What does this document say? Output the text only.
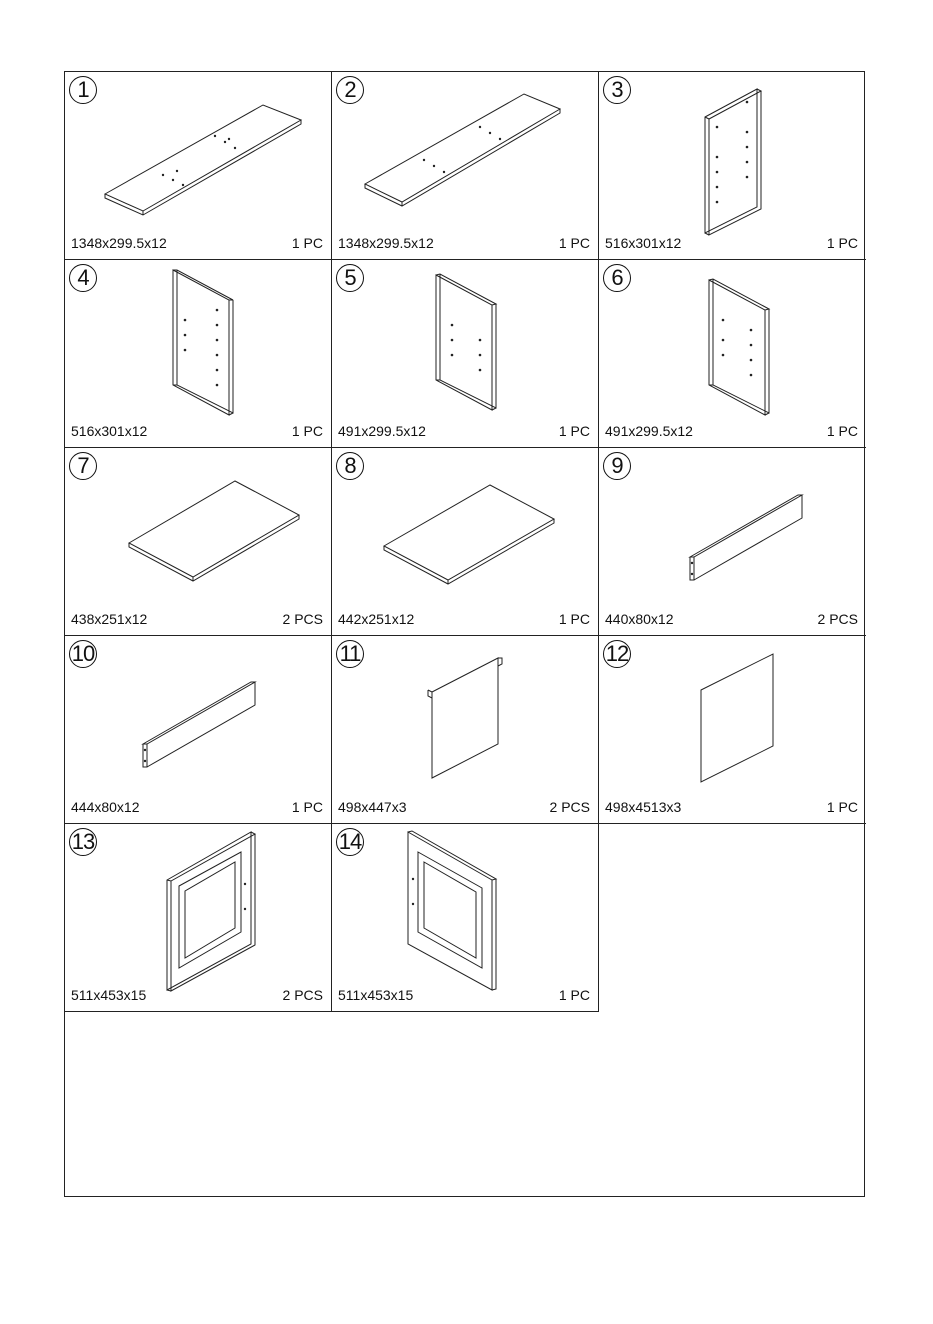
1
1348x299.5x12	1 PC
2
1348x299.5x12	1 PC
3
516x301x12	1 PC
4
516x301x12	1 PC
5
491x299.5x12	1 PC
6
491x299.5x12	1 PC
7
438x251x12	2 PCS
8
442x251x12	1 PC
9
440x80x12	2 PCS
10
444x80x12	1 PC
11
498x447x3	2 PCS
12
498x4513x3	1 PC
13
511x453x15	2 PCS
14
511x453x15	1 PC
